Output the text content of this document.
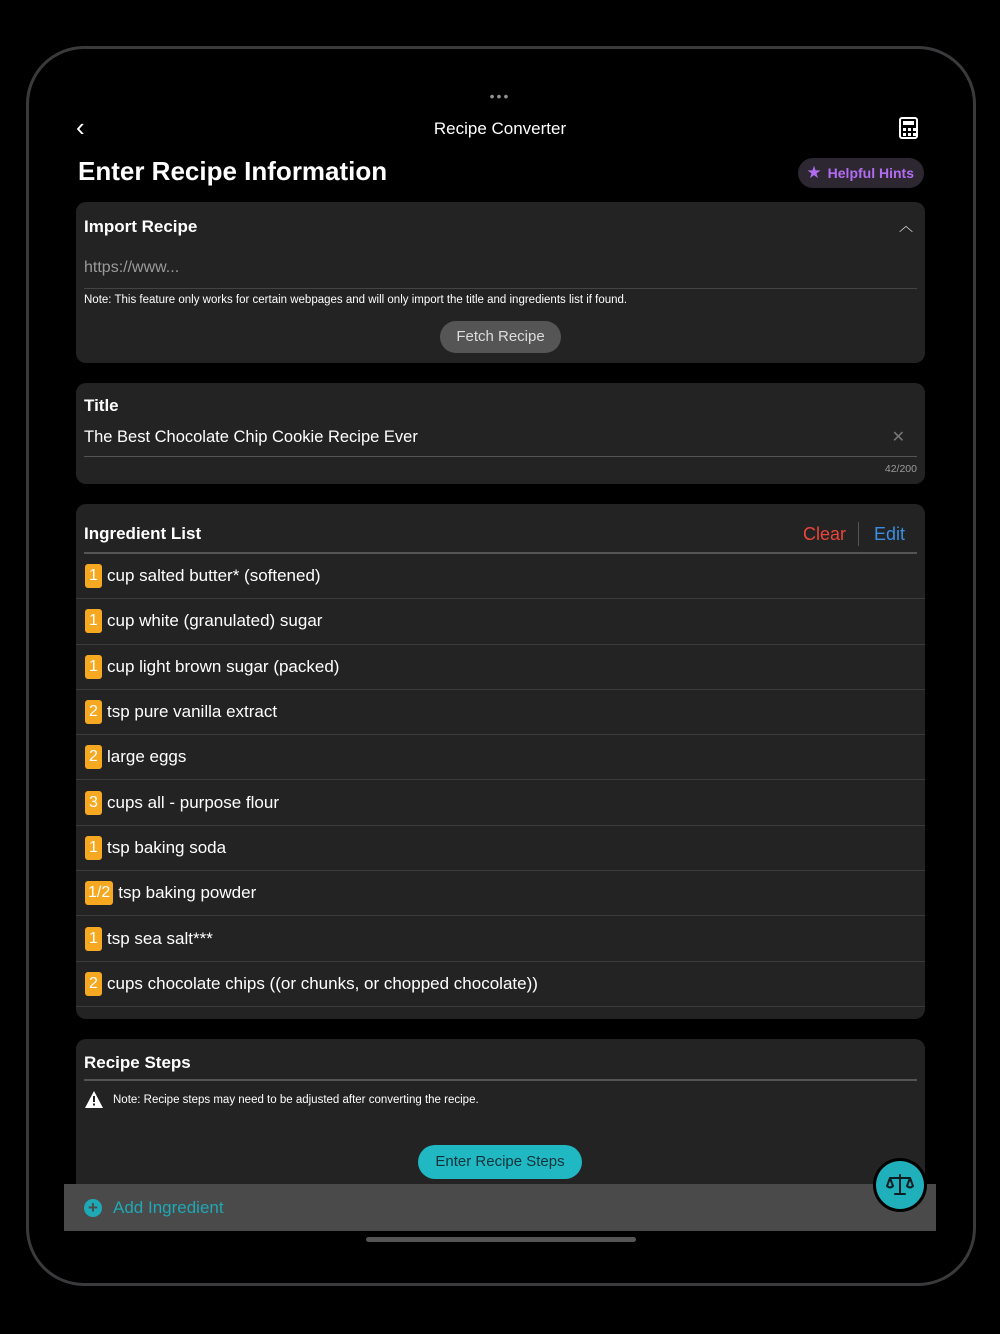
•••
‹	Recipe Converter
Enter Recipe Information	★ Helpful Hints
Import Recipe	︿
https://www...
Note: This feature only works for certain webpages and will only import the title and ingredients list if found.
Fetch Recipe
Title
The Best Chocolate Chip Cookie Recipe Ever	✕
42/200
Ingredient List	Clear Edit
1 cup salted butter* (softened)
1 cup white (granulated) sugar
1 cup light brown sugar (packed)
2 tsp pure vanilla extract
2 large eggs
3 cups all - purpose flour
1 tsp baking soda
1/2 tsp baking powder
1 tsp sea salt***
2 cups chocolate chips ((or chunks, or chopped chocolate))
Recipe Steps
Note: Recipe steps may need to be adjusted after converting the recipe.
Enter Recipe Steps
+ Add Ingredient
